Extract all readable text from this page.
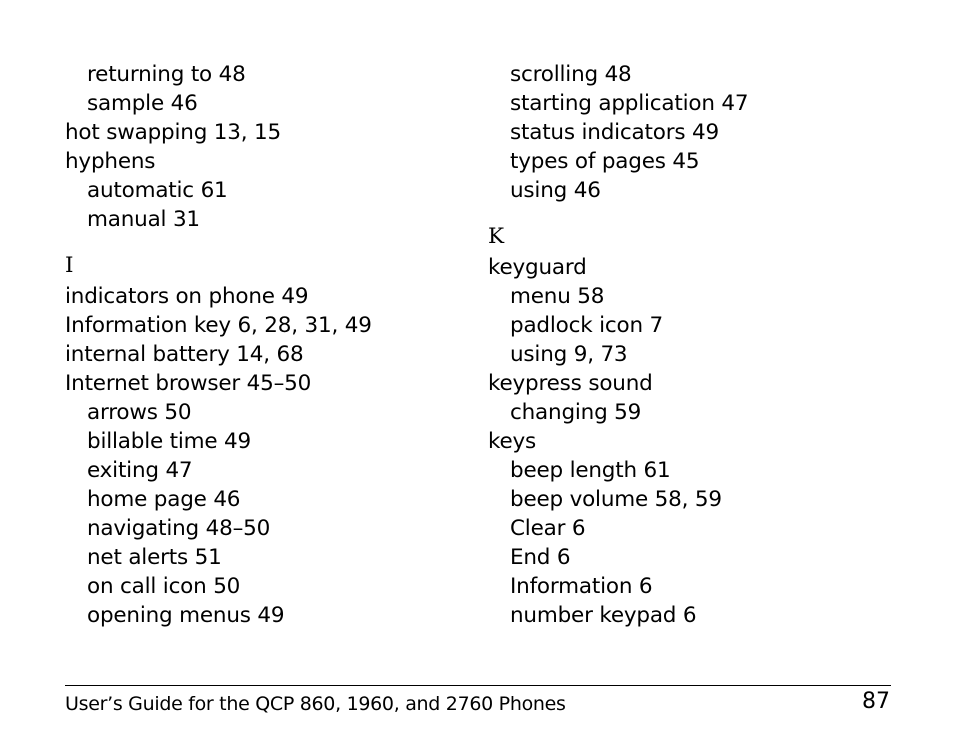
returning to 48
sample 46
hot swapping 13, 15
hyphens
automatic 61
manual 31
I
indicators on phone 49
Information key 6, 28, 31, 49
internal battery 14, 68
Internet browser 45–50
arrows 50
billable time 49
exiting 47
home page 46
navigating 48–50
net alerts 51
on call icon 50
opening menus 49
scrolling 48
starting application 47
status indicators 49
types of pages 45
using 46
K
keyguard
menu 58
padlock icon 7
using 9, 73
keypress sound
changing 59
keys
beep length 61
beep volume 58, 59
Clear 6
End 6
Information 6
number keypad 6
User’s Guide for the QCP 860, 1960, and 2760 Phones	87
